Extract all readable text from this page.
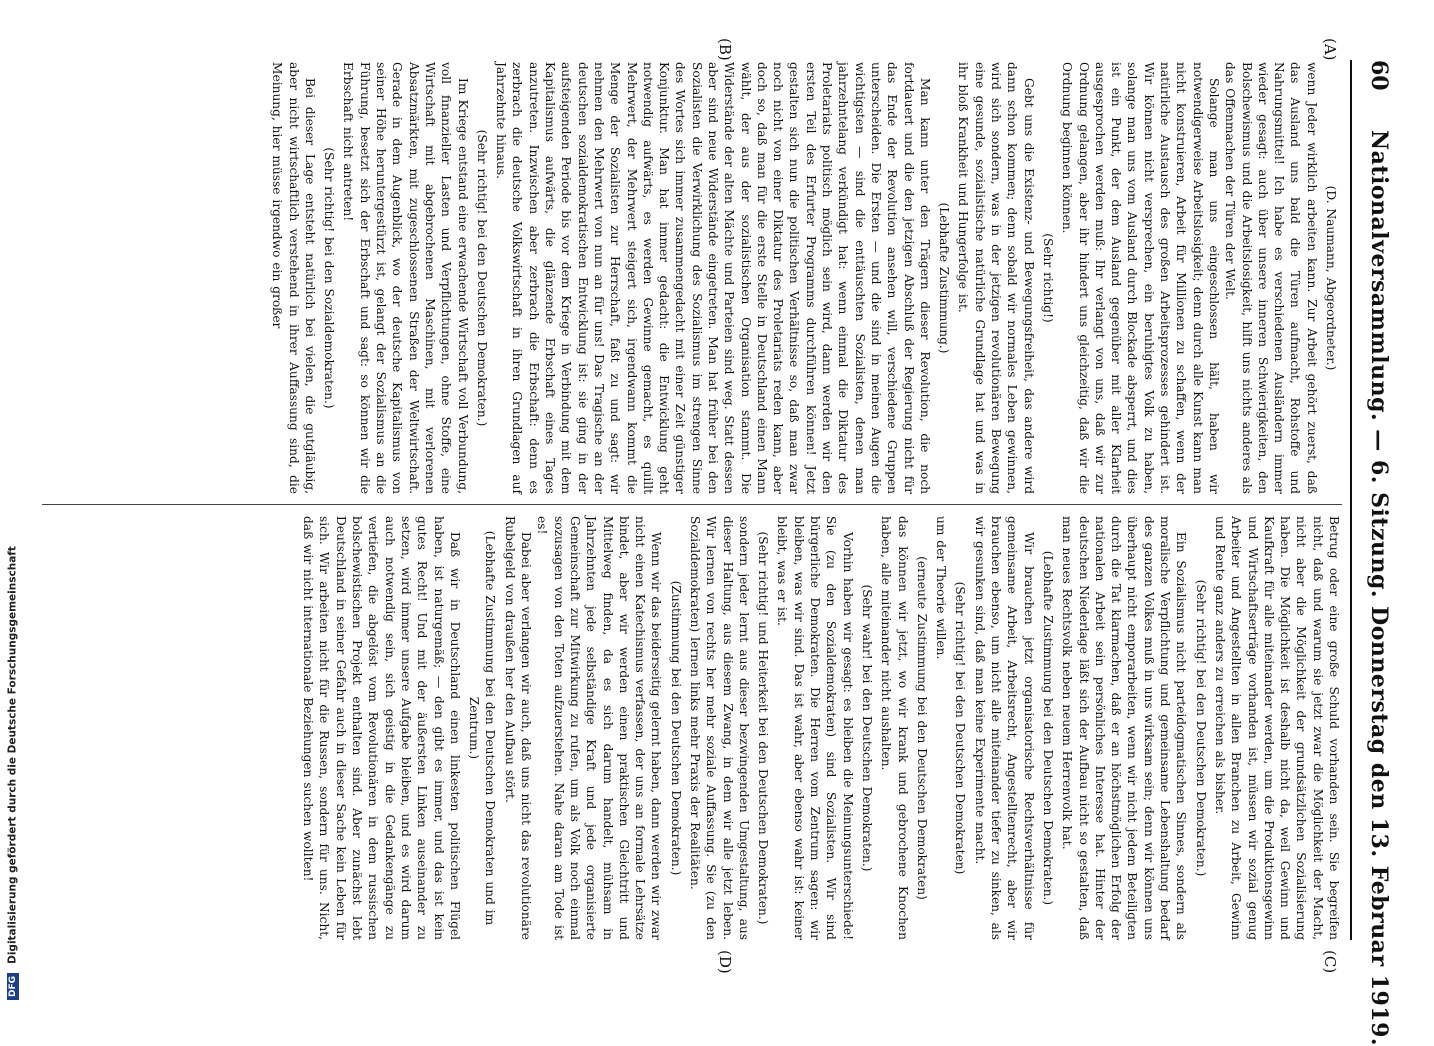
60
Nationalversammlung. — 6. Sitzung. Donnerstag den 13. Februar 1919.
(A)
(B)
(C)
(D)

(D. Naumann, Abgeordneter.)

wenn Jeder wirklich arbeiten kann. Zur Arbeit gehört zuerst, daß das Ausland uns bald die Türen aufmacht, Rohstoffe und Nahrungsmittel! Ich habe es verschiedenen Ausländern immer wieder gesagt: auch über unsere inneren Schwierigkeiten, den Bolschewismus und die Arbeitslosigkeit, hilft uns nichts anderes als das Offenmachen der Türen der Welt.

Solange man uns eingeschlossen hält, haben wir notwendigerweise Arbeitslosigkeit; denn durch alle Kunst kann man nicht konstruieren, Arbeit für Millionen zu schaffen, wenn der natürliche Austausch des großen Arbeitsprozesses gehindert ist. Wir können nicht versprechen, ein beruhigtes Volk zu haben, solange man uns vom Ausland durch Blockade absperrt, und dies ist ein Punkt, der dem Ausland gegenüber mit aller Klarheit ausgesprochen werden muß: Ihr verlangt von uns, daß wir zur Ordnung gelangen, aber ihr hindert uns gleichzeitig, daß wir die Ordnung beginnen können.

(Sehr richtig!)

Gebt uns die Existenz- und Bewegungsfreiheit, das andere wird dann schon kommen; denn sobald wir normales Leben gewinnen, wird sich sondern, was in der jetzigen revolutionären Bewegung eine gesunde, sozialistische natürliche Grundlage hat und was in ihr bloß Krankheit und Hungerfolge ist.

(Lebhafte Zustimmung.)

Man kann unter den Trägern dieser Revolution, die noch fortdauert und die den jetzigen Abschluß der Regierung nicht für das Ende der Revolution ansehen will, verschiedene Gruppen unterscheiden. Die Ersten — und die sind in meinen Augen die wichtigsten — sind die enttäuschten Sozialisten, denen man jahrzehntelang verkündigt hat: wenn einmal die Diktatur des Proletariats politisch möglich sein wird, dann werden wir den ersten Teil des Erfurter Programms durchführen können! Jetzt gestalten sich nun die politischen Verhältnisse so, daß man zwar noch nicht von einer Diktatur des Proletariats reden kann, aber doch so, daß man für die erste Stelle in Deutschland einen Mann wählt, der aus der sozialistischen Organisation stammt. Die Widerstände der alten Mächte und Parteien sind weg. Statt dessen aber sind neue Widerstände eingetreten. Man hat früher bei den Sozialisten die Verwirklichung des Sozialismus im strengen Sinne des Wortes sich immer zusammengedacht mit einer Zeit günstiger Konjunktur. Man hat immer gedacht: die Entwicklung geht notwendig aufwärts, es werden Gewinne gemacht, es quillt Mehrwert, der Mehrwert steigert sich, irgendwann kommt die Menge der Sozialisten zur Herrschaft, faßt zu und sagt: wir nehmen den Mehrwert von nun an für uns! Das Tragische an der deutschen sozialdemokratischen Entwicklung ist: sie ging in der aufsteigenden Periode bis vor dem Kriege in Verbindung mit dem Kapitalismus aufwärts, die glänzende Erbschaft eines Tages anzutreten. Inzwischen aber zerbrach die Erbschaft: denn es zerbrach die deutsche Volkswirtschaft in ihren Grundlagen auf Jahrzehnte hinaus.

(Sehr richtig! bei den Deutschen Demokraten.)

Im Kriege entstand eine erwachende Wirtschaft voll Verbundung, voll finanzieller Lasten und Verpflichtungen, ohne Stoffe, eine Wirtschaft mit abgebrochenen Maschinen, mit verlorenen Absatzmärkten, mit zugeschlossenen Straßen der Weltwirtschaft. Gerade in dem Augenblick, wo der deutsche Kapitalismus von seiner Höhe heruntergestürzt ist, gelangt der Sozialismus an die Führung, besetzt sich der Erbschaft und sagt: so können wir die Erbschaft nicht antreten!

(Sehr richtig! bei den Sozialdemokraten.)

Bei dieser Lage entsteht natürlich bei vielen, die gutgläubig, aber nicht wirtschaftlich verstehend in ihrer Auffassung sind, die Meinung, hier müsse irgendwo ein großer

Betrug oder eine große Schuld vorhanden sein. Sie begreifen nicht, daß und warum sie jetzt zwar die Möglichkeit der Macht, nicht aber die Möglichkeit der grundsätzlichen Sozialisierung haben. Die Möglichkeit ist deshalb nicht da, weil Gewinn und Kaufkraft für alle miteinander werden, um die Produktionsgewinn und Wirtschaftserträge vorhanden ist, müssen wir sozial genug Arbeiter und Angestellten in allen Branchen zu Arbeit, Gewinn und Rente ganz anders zu erreichen als bisher.

(Sehr richtig! bei den Deutschen Demokraten.)

Ein Sozialismus nicht parteidogmatischen Sinnes, sondern als moralische Verpflichtung und gemeinsame Lebenshaltung bedarf des ganzen Volkes muß in uns wirksam sein; denn wir können uns überhaupt nicht emporarbeiten, wenn wir nicht jedem Beteiligten durch die Tat klarmachen, daß er an höchstmöglichen Erfolg der nationalen Arbeit sein persönliches Interesse hat. Hinter der deutschen Niederlage läßt sich der Aufbau nicht so gestalten, daß man neues Rechtsvolk neben neuem Herrenvolk hat.

(Lebhafte Zustimmung bei den Deutschen Demokraten.)

Wir brauchen jetzt organisatorische Rechtsverhältnisse für gemeinsame Arbeit, Arbeitsrecht, Angestelltenrecht, aber wir brauchen ebenso, um nicht alle miteinander tiefer zu sinken, als wir gesunken sind, daß man keine Experimente macht.

(Sehr richtig! bei den Deutschen Demokraten)

um der Theorie willen.

(erneute Zustimmung bei den Deutschen Demokraten)

das können wir jetzt, wo wir krank und gebrochene Knochen haben, alle miteinander nicht aushalten.

(Sehr wahr! bei den Deutschen Demokraten.)

Vorhin haben wir gesagt: es bleiben die Meinungsunterschiede! Sie (zu den Sozialdemokraten) sind Sozialisten. Wir sind bürgerliche Demokraten. Die Herren vom Zentrum sagen: wir bleiben, was wir sind. Das ist wahr, aber ebenso wahr ist: keiner bleibt, was er ist.

(Sehr richtig! und Heiterkeit bei den Deutschen Demokraten.)

sondern jeder lernt aus dieser bezwingenden Umgestaltung, aus dieser Haltung, aus diesem Zwang, in dem wir alle jetzt leben. Wir lernen von rechts her mehr soziale Auffassung. Sie (zu den Sozialdemokraten) lernen links mehr Praxis der Realitäten.

(Zustimmung bei den Deutschen Demokraten.)

Wenn wir das beiderseitig gelernt haben, dann werden wir zwar nicht einen Katechismus verfassen, der uns an formale Lehrsätze bindet, aber wir werden einen praktischen Gleichtritt und Mittelweg finden, da es sich darum handelt, mühsam in Jahrzehnten jede selbständige Kraft und jede organisierte Gemeinschaft zur Mitwirkung zu rufen, um als Volk noch einmal sozusagen von den Toten aufzuerstehen. Nahe daran am Tode ist es!

Dabei aber verlangen wir auch, daß uns nicht das revolutionäre Rubelgeld von draußen her den Aufbau stört.

(Lebhafte Zustimmung bei den Deutschen Demokraten und im Zentrum.)

Daß wir in Deutschland einen linkesten politischen Flügel haben, ist naturgemäß; — den gibt es immer, und das ist kein gutes Recht! Und mit der äußersten Linken auseinander zu setzen, wird immer unsere Aufgabe bleiben, und es wird darum auch notwendig sein, sich geistig in die Gedankengänge zu vertiefen, die abgelöst vom Revolutionären in dem russischen bolschewistischen Projekt enthalten sind. Aber zunächst lebt Deutschland in seiner Gefahr auch in dieser Sache kein Leben für sich. Wir arbeiten nicht für die Russen, sondern für uns. Nicht, daß wir nicht internationale Beziehungen suchen wollten!

DFG Digitalisierung gefördert durch die Deutsche Forschungsgemeinschaft
